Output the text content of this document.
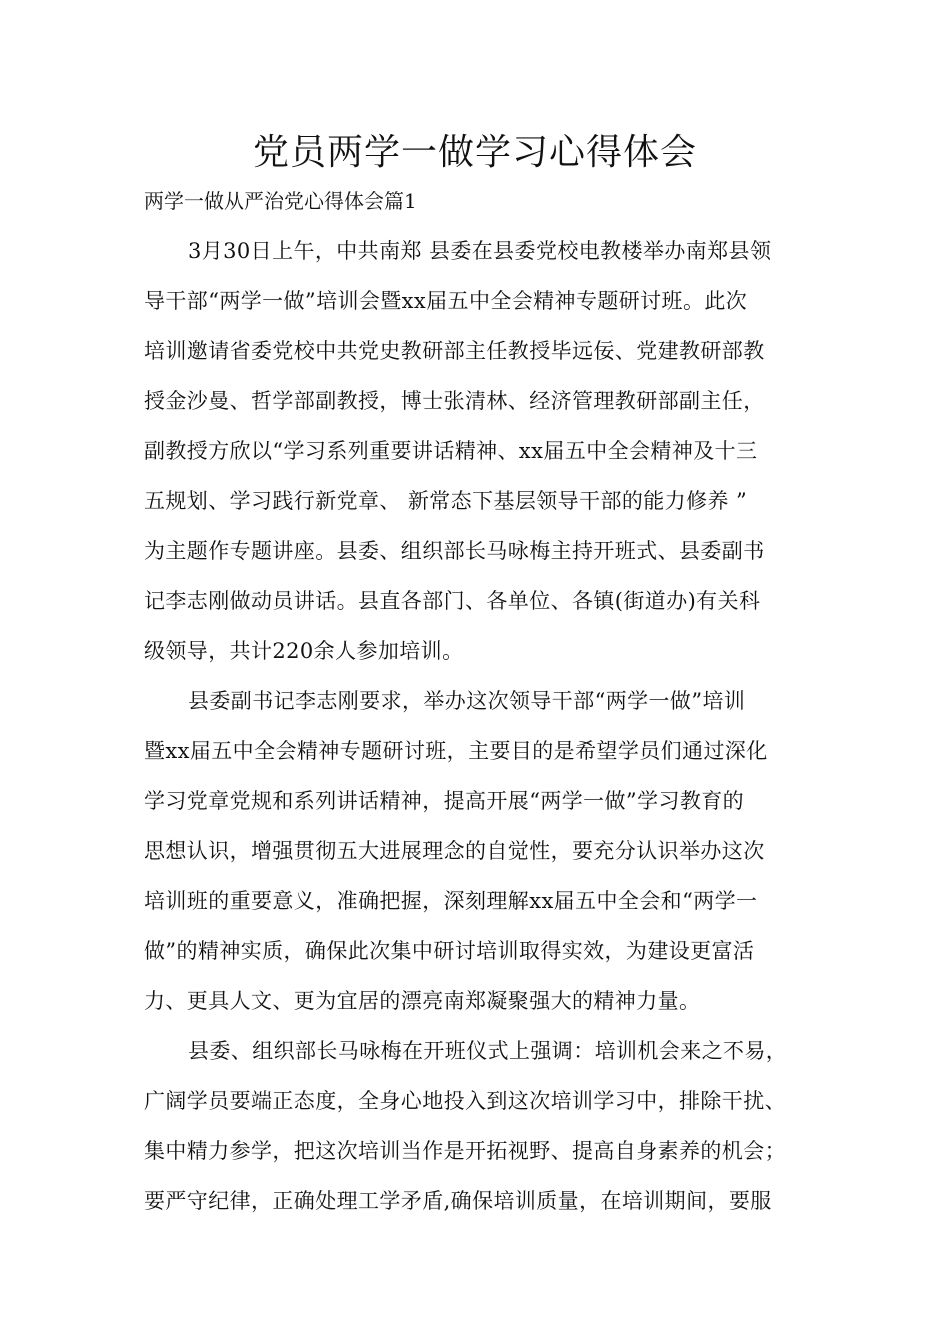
党员两学一做学习心得体会

两学一做从严治党心得体会篇1

3月30日上午，中共南郑 县委在县委党校电教楼举办南郑县领

导干部“两学一做”培训会暨xx届五中全会精神专题研讨班。此次

培训邀请省委党校中共党史教研部主任教授毕远佞、党建教研部教

授金沙曼、哲学部副教授，博士张清林、经济管理教研部副主任，

副教授方欣以“学习系列重要讲话精神、xx届五中全会精神及十三

五规划、学习践行新党章、 新常态下基层领导干部的能力修养 ”

为主题作专题讲座。县委、组织部长马咏梅主持开班式、县委副书

记李志刚做动员讲话。县直各部门、各单位、各镇(街道办)有关科

级领导，共计220余人参加培训。

县委副书记李志刚要求，举办这次领导干部“两学一做”培训

暨xx届五中全会精神专题研讨班，主要目的是希望学员们通过深化

学习党章党规和系列讲话精神，提高开展“两学一做”学习教育的

思想认识，增强贯彻五大进展理念的自觉性，要充分认识举办这次

培训班的重要意义，准确把握，深刻理解xx届五中全会和“两学一

做”的精神实质，确保此次集中研讨培训取得实效，为建设更富活

力、更具人文、更为宜居的漂亮南郑凝聚强大的精神力量。

县委、组织部长马咏梅在开班仪式上强调：培训机会来之不易，

广阔学员要端正态度，全身心地投入到这次培训学习中，排除干扰、

集中精力参学，把这次培训当作是开拓视野、提高自身素养的机会；

要严守纪律，正确处理工学矛盾,确保培训质量，在培训期间，要服
